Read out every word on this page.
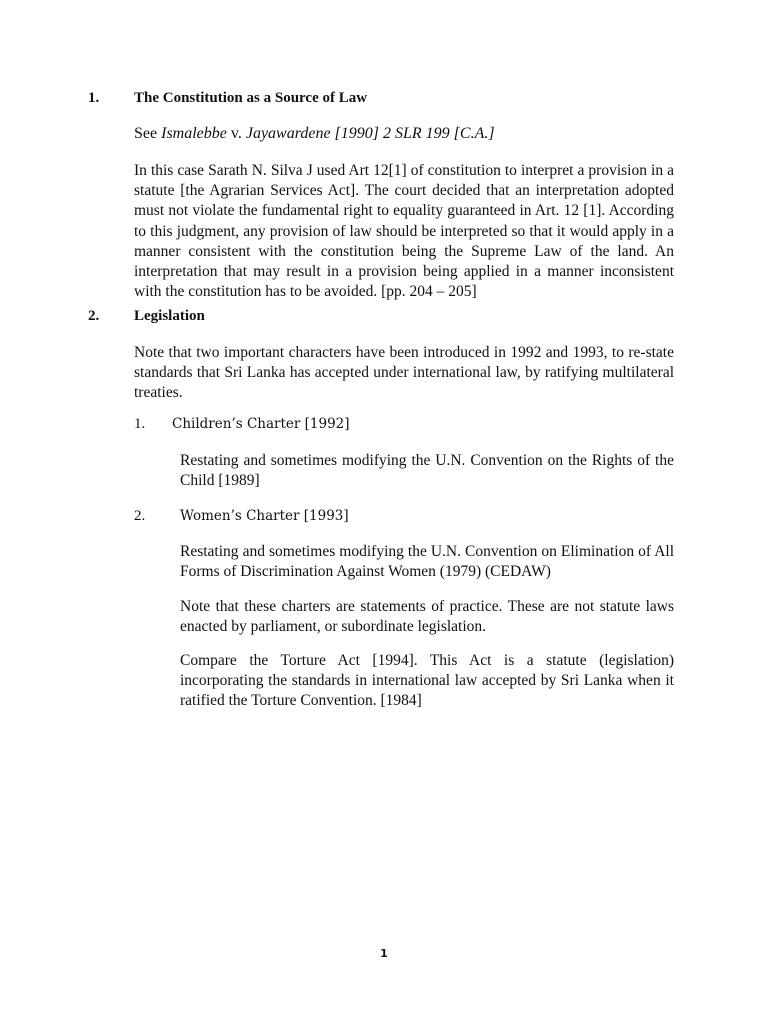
1. The Constitution as a Source of Law
See Ismalebbe v. Jayawardene [1990] 2 SLR 199 [C.A.]
In this case Sarath N. Silva J used Art 12[1] of constitution to interpret a provision in a statute [the Agrarian Services Act]. The court decided that an interpretation adopted must not violate the fundamental right to equality guaranteed in Art. 12 [1]. According to this judgment, any provision of law should be interpreted so that it would apply in a manner consistent with the constitution being the Supreme Law of the land. An interpretation that may result in a provision being applied in a manner inconsistent with the constitution has to be avoided. [pp. 204 – 205]
2. Legislation
Note that two important characters have been introduced in 1992 and 1993, to re-state standards that Sri Lanka has accepted under international law, by ratifying multilateral treaties.
1. Children’s Charter [1992]
Restating and sometimes modifying the U.N. Convention on the Rights of the Child [1989]
2.	Women’s Charter [1993]
Restating and sometimes modifying the U.N. Convention on Elimination of All Forms of Discrimination Against Women (1979) (CEDAW)
Note that these charters are statements of practice. These are not statute laws enacted by parliament, or subordinate legislation.
Compare the Torture Act [1994]. This Act is a statute (legislation) incorporating the standards in international law accepted by Sri Lanka when it ratified the Torture Convention. [1984]
1
